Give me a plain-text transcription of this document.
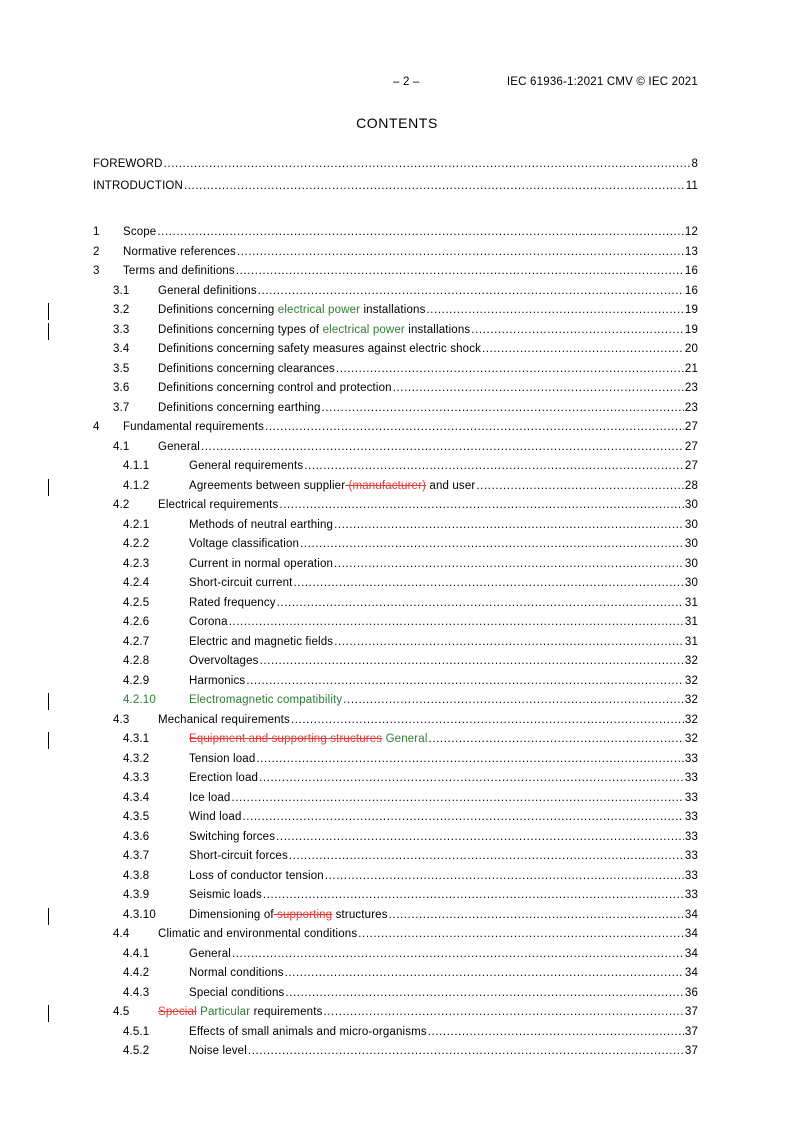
– 2 –	IEC 61936-1:2021 CMV © IEC 2021
CONTENTS
FOREWORD .....	8
INTRODUCTION .....	11
1	Scope .....	12
2	Normative references .....	13
3	Terms and definitions .....	16
3.1	General definitions .....	16
3.2	Definitions concerning electrical power installations .....	19
3.3	Definitions concerning types of electrical power installations .....	19
3.4	Definitions concerning safety measures against electric shock .....	20
3.5	Definitions concerning clearances .....	21
3.6	Definitions concerning control and protection .....	23
3.7	Definitions concerning earthing .....	23
4	Fundamental requirements .....	27
4.1	General .....	27
4.1.1	General requirements .....	27
4.1.2	Agreements between supplier (manufacturer) and user .....	28
4.2	Electrical requirements .....	30
4.2.1	Methods of neutral earthing .....	30
4.2.2	Voltage classification .....	30
4.2.3	Current in normal operation .....	30
4.2.4	Short-circuit current .....	30
4.2.5	Rated frequency .....	31
4.2.6	Corona .....	31
4.2.7	Electric and magnetic fields .....	31
4.2.8	Overvoltages .....	32
4.2.9	Harmonics .....	32
4.2.10	Electromagnetic compatibility .....	32
4.3	Mechanical requirements .....	32
4.3.1	Equipment and supporting structures General .....	32
4.3.2	Tension load .....	33
4.3.3	Erection load .....	33
4.3.4	Ice load .....	33
4.3.5	Wind load .....	33
4.3.6	Switching forces .....	33
4.3.7	Short-circuit forces .....	33
4.3.8	Loss of conductor tension .....	33
4.3.9	Seismic loads .....	33
4.3.10	Dimensioning of supporting structures .....	34
4.4	Climatic and environmental conditions .....	34
4.4.1	General .....	34
4.4.2	Normal conditions .....	34
4.4.3	Special conditions .....	36
4.5	Special Particular requirements .....	37
4.5.1	Effects of small animals and micro-organisms .....	37
4.5.2	Noise level .....	37
